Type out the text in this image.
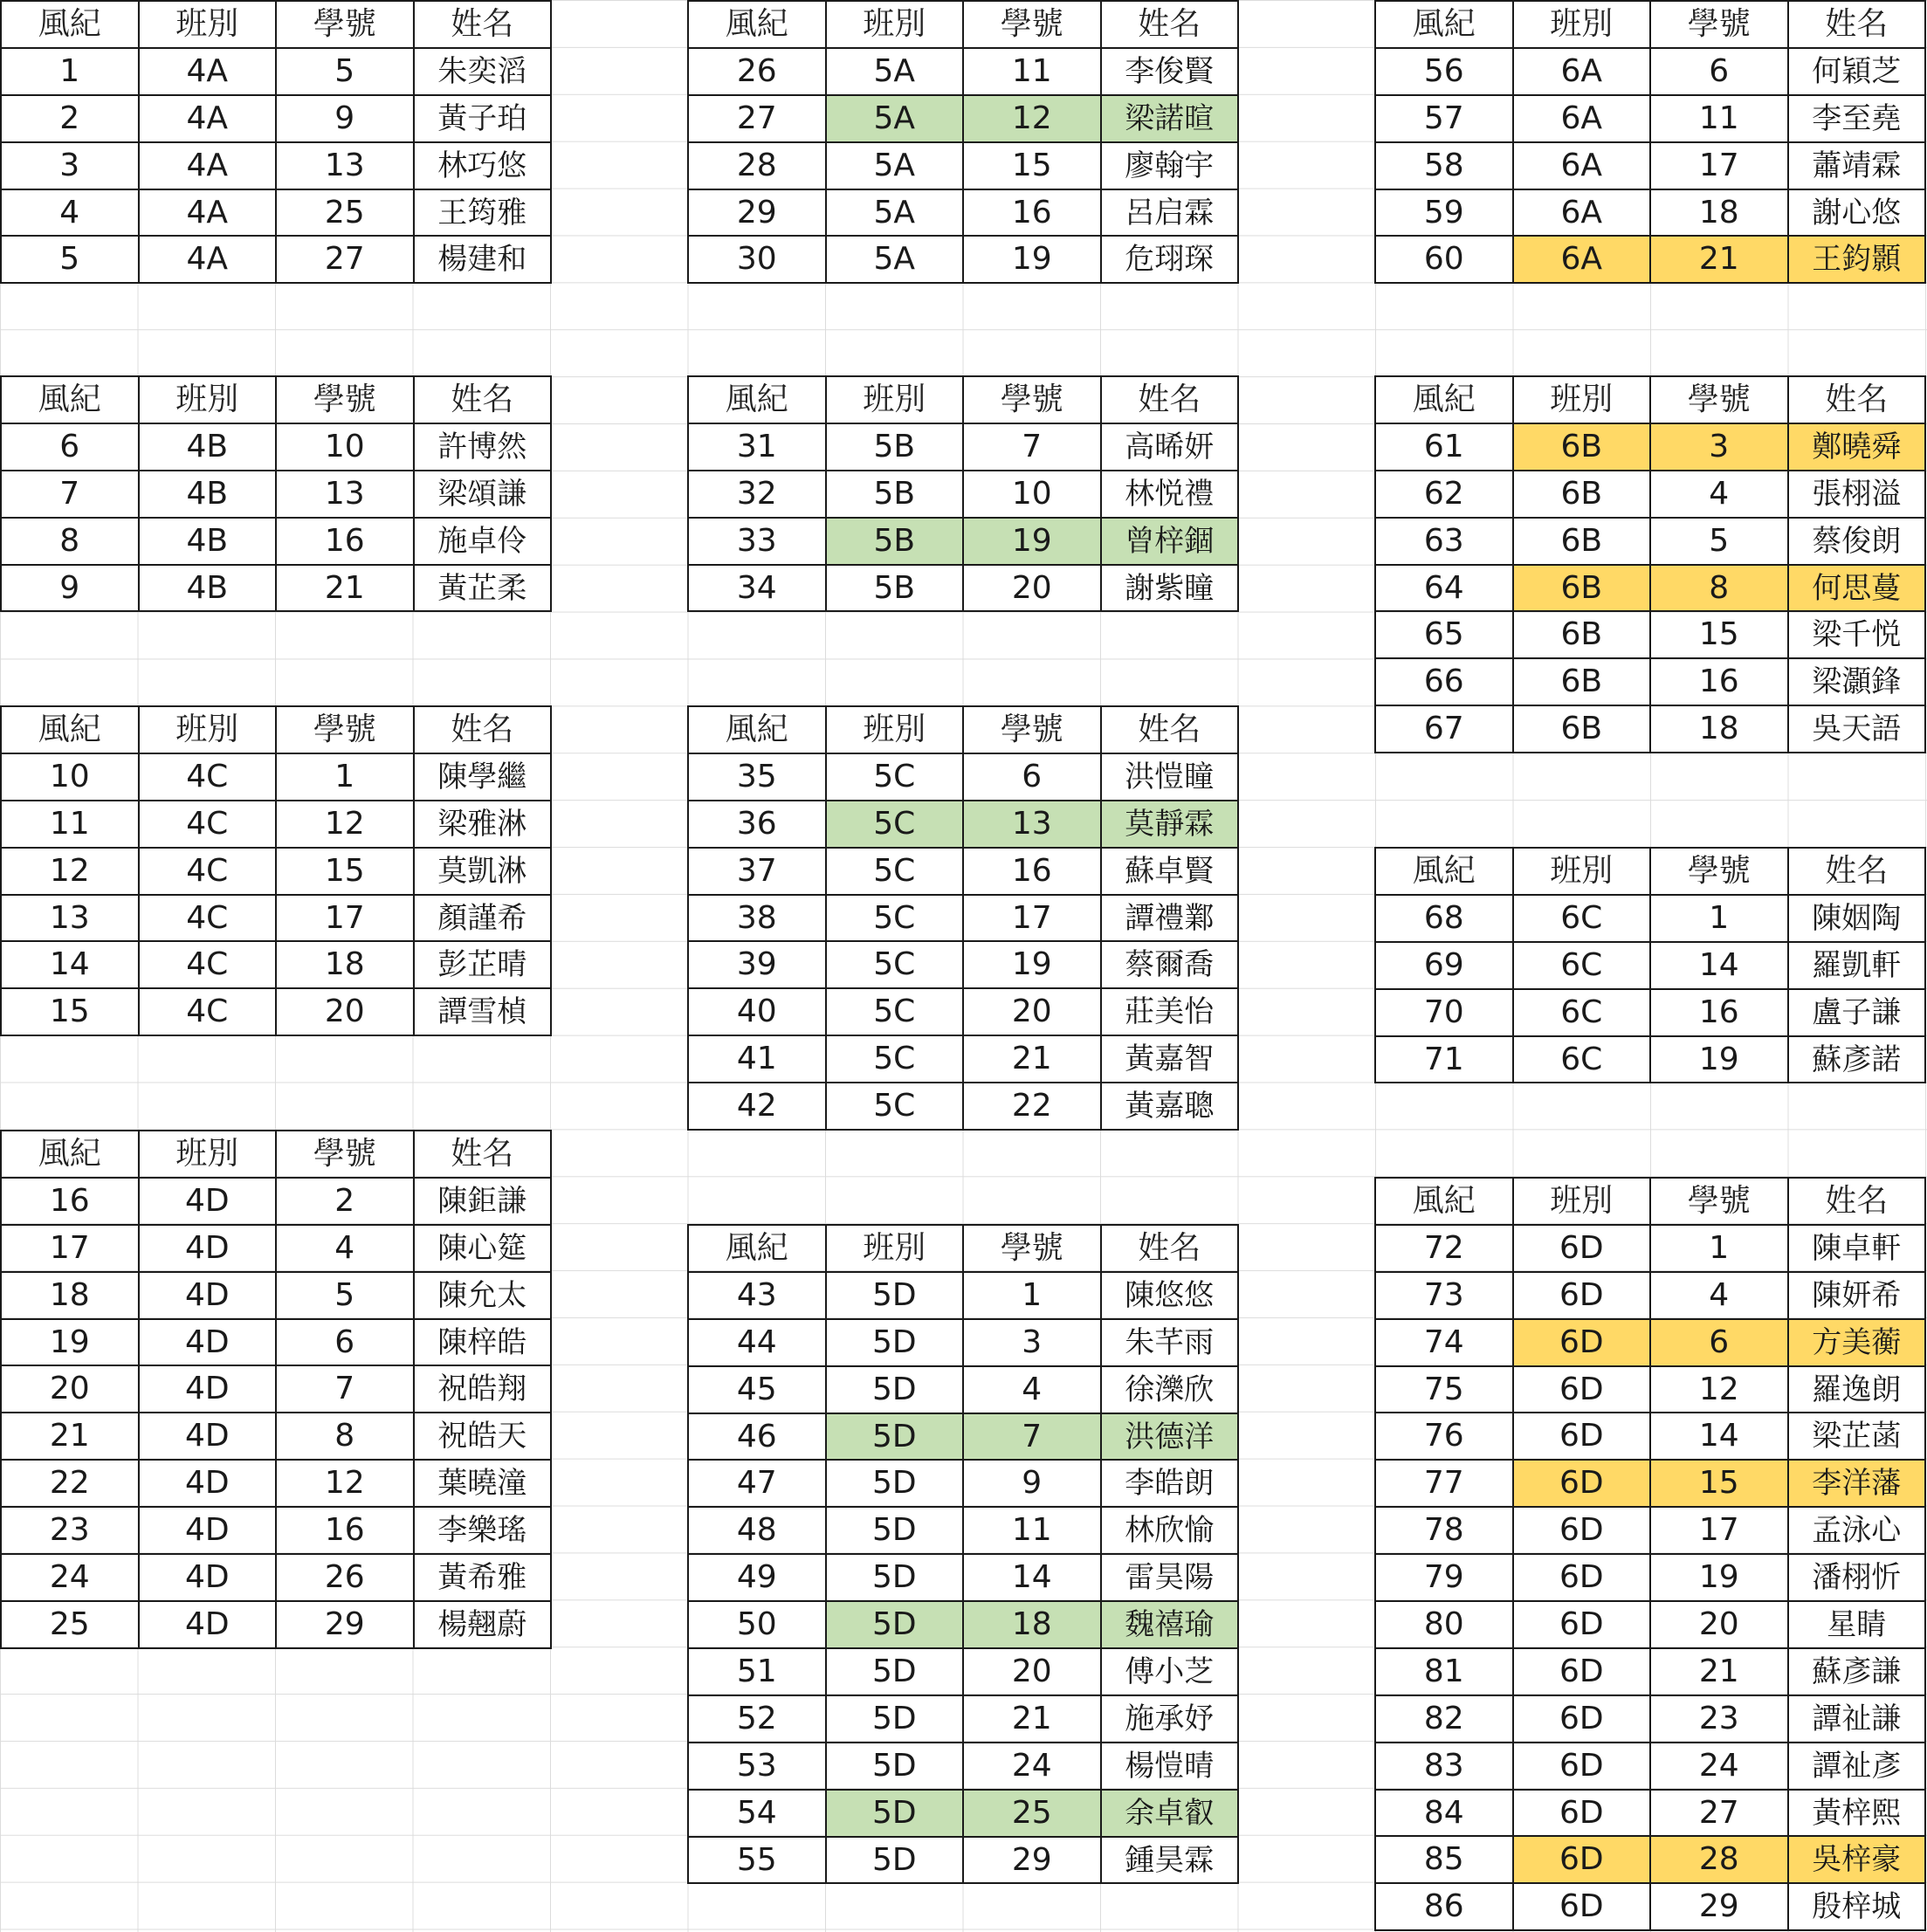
風紀	班別	學號	姓名
1	4A	5	朱奕滔
2	4A	9	黃子珀
3	4A	13	林巧悠
4	4A	25	王筠雅
5	4A	27	楊建和
風紀	班別	學號	姓名
6	4B	10	許博然
7	4B	13	梁頌謙
8	4B	16	施卓伶
9	4B	21	黃芷柔
風紀	班別	學號	姓名
10	4C	1	陳學繼
11	4C	12	梁雅淋
12	4C	15	莫凱淋
13	4C	17	顏謹希
14	4C	18	彭芷晴
15	4C	20	譚雪楨
風紀	班別	學號	姓名
16	4D	2	陳鉅謙
17	4D	4	陳心筵
18	4D	5	陳允太
19	4D	6	陳梓皓
20	4D	7	祝皓翔
21	4D	8	祝皓天
22	4D	12	葉曉潼
23	4D	16	李樂瑤
24	4D	26	黃希雅
25	4D	29	楊翹蔚
風紀	班別	學號	姓名
26	5A	11	李俊賢
27	5A	12	梁諾暄
28	5A	15	廖翰宇
29	5A	16	呂启霖
30	5A	19	危珝琛
風紀	班別	學號	姓名
31	5B	7	高晞妍
32	5B	10	林悦禮
33	5B	19	曾梓錮
34	5B	20	謝紫瞳
風紀	班別	學號	姓名
35	5C	6	洪愷瞳
36	5C	13	莫靜霖
37	5C	16	蘇卓賢
38	5C	17	譚禮鄴
39	5C	19	蔡爾喬
40	5C	20	莊美怡
41	5C	21	黃嘉智
42	5C	22	黃嘉聰
風紀	班別	學號	姓名
43	5D	1	陳悠悠
44	5D	3	朱芊雨
45	5D	4	徐濼欣
46	5D	7	洪德洋
47	5D	9	李皓朗
48	5D	11	林欣愉
49	5D	14	雷昊陽
50	5D	18	魏禧瑜
51	5D	20	傅小芝
52	5D	21	施承妤
53	5D	24	楊愷晴
54	5D	25	余卓叡
55	5D	29	鍾昊霖
風紀	班別	學號	姓名
56	6A	6	何穎芝
57	6A	11	李至堯
58	6A	17	蕭靖霖
59	6A	18	謝心悠
60	6A	21	王鈞顥
風紀	班別	學號	姓名
61	6B	3	鄭曉舜
62	6B	4	張栩溢
63	6B	5	蔡俊朗
64	6B	8	何思蔓
65	6B	15	梁千悦
66	6B	16	梁灝鋒
67	6B	18	吳天語
風紀	班別	學號	姓名
68	6C	1	陳姻陶
69	6C	14	羅凱軒
70	6C	16	盧子謙
71	6C	19	蘇彥諾
風紀	班別	學號	姓名
72	6D	1	陳卓軒
73	6D	4	陳妍希
74	6D	6	方美蘅
75	6D	12	羅逸朗
76	6D	14	梁芷菡
77	6D	15	李洋藩
78	6D	17	孟泳心
79	6D	19	潘栩忻
80	6D	20	星睛
81	6D	21	蘇彥謙
82	6D	23	譚祉謙
83	6D	24	譚祉彥
84	6D	27	黃梓熙
85	6D	28	吳梓豪
86	6D	29	殷梓城
